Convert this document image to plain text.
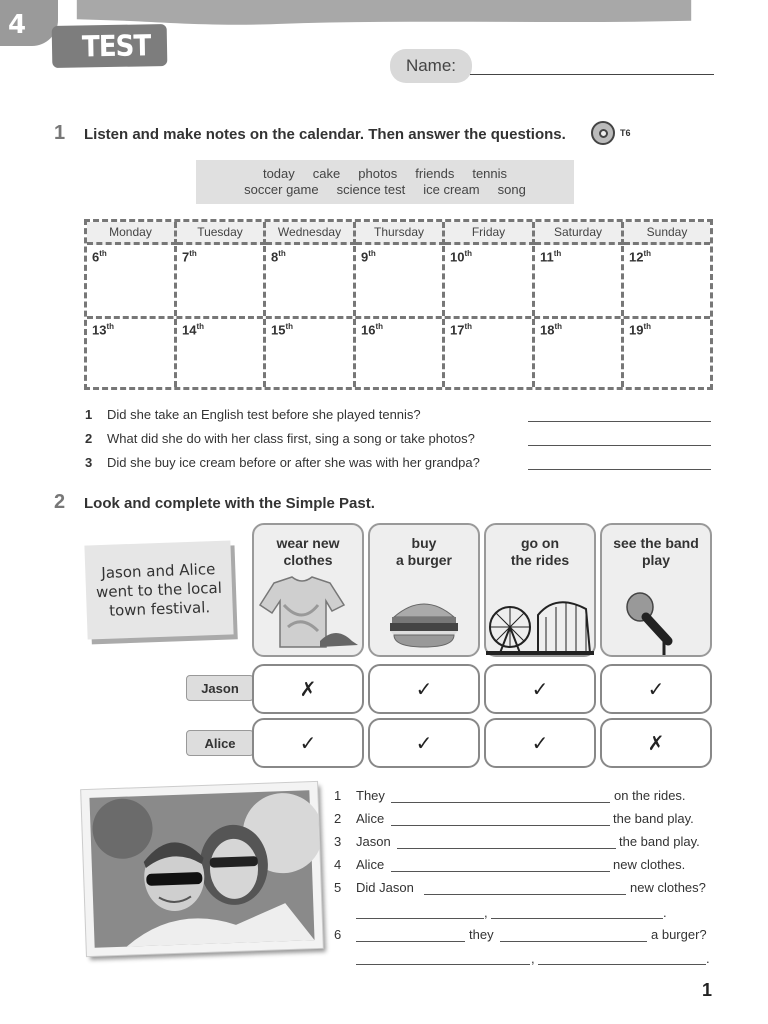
4
TEST
Name:
1 Listen and make notes on the calendar. Then answer the questions.	T6
today cake photos friends tennis
soccer game science test ice cream song
Monday	Tuesday	Wednesday	Thursday	Friday	Saturday	Sunday
6th	7th	8th	9th	10th	11th	12th
13th	14th	15th	16th	17th	18th	19th
1 Did she take an English test before she played tennis?
2 What did she do with her class first, sing a song or take photos?
3 Did she buy ice cream before or after she was with her grandpa?
2 Look and complete with the Simple Past.
Jason and Alice went to the local town festival.
wear new
clothes
buy
a burger
go on
the rides
see the band
play
Jason	✗	✓	✓	✓
Alice	✓	✓	✓	✗
1 They	on the rides.
2 Alice	the band play.
3 Jason	the band play.
4 Alice	new clothes.
5 Did Jason	new clothes?
,	.
6	they	a burger?
,	.
1
